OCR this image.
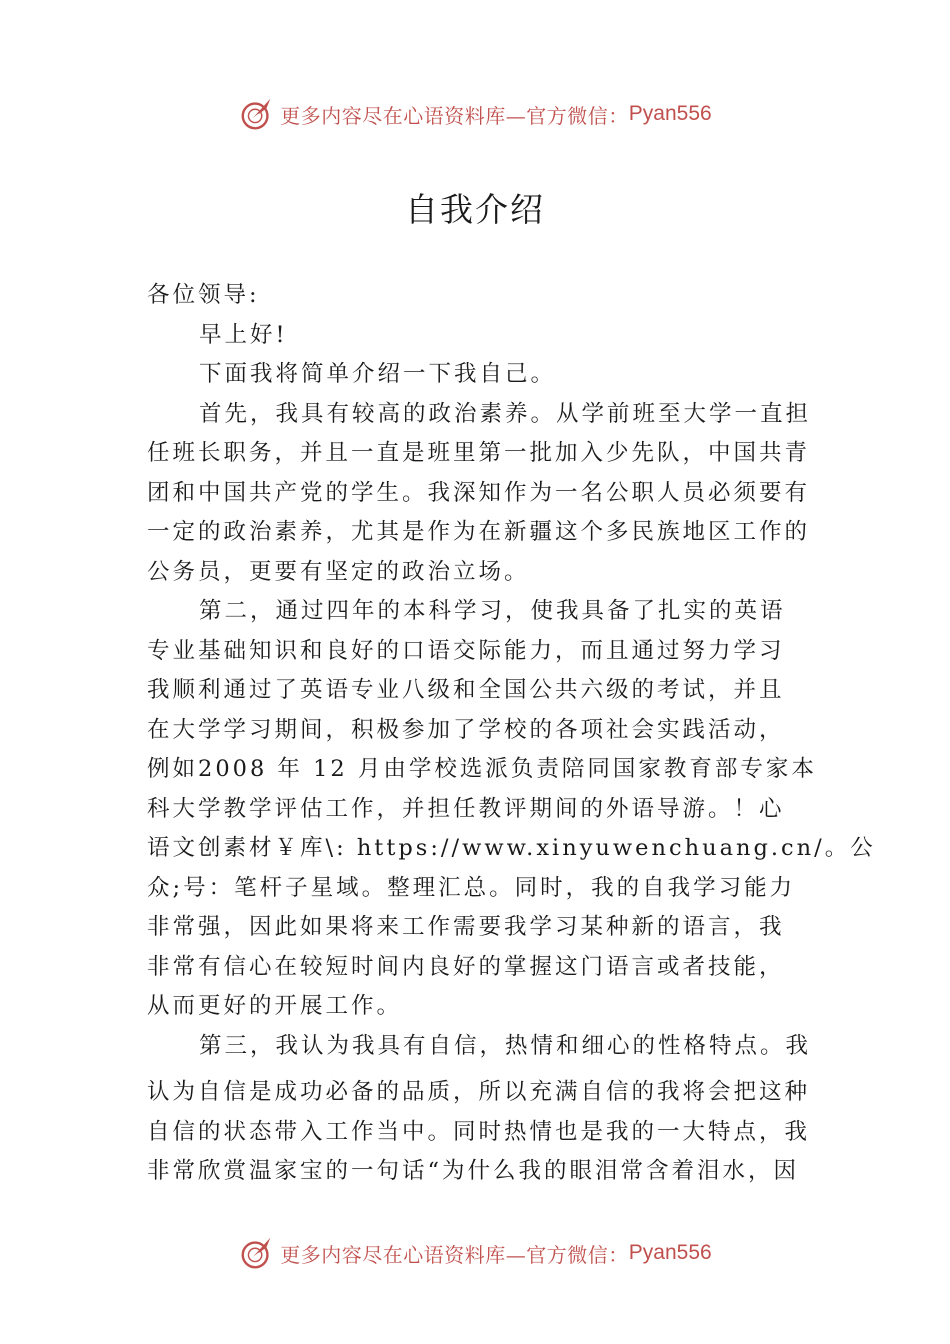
更多内容尽在心语资料库—官方微信： Pyan556
自我介绍
各位领导:
早上好!
下面我将简单介绍一下我自己。
首先，我具有较高的政治素养。从学前班至大学一直担
任班长职务，并且一直是班里第一批加入少先队，中国共青
团和中国共产党的学生。我深知作为一名公职人员必须要有
一定的政治素养，尤其是作为在新疆这个多民族地区工作的
公务员，更要有坚定的政治立场。
第二，通过四年的本科学习，使我具备了扎实的英语
专业基础知识和良好的口语交际能力，而且通过努力学习
我顺利通过了英语专业八级和全国公共六级的考试，并且
在大学学习期间，积极参加了学校的各项社会实践活动，
例如2008 年 12 月由学校选派负责陪同国家教育部专家本
科大学教学评估工作，并担任教评期间的外语导游。！心
语文创素材￥库\: https://www.xinyuwenchuang.cn/。公
众;号：笔杆子星域。整理汇总。同时，我的自我学习能力
非常强，因此如果将来工作需要我学习某种新的语言，我
非常有信心在较短时间内良好的掌握这门语言或者技能，
从而更好的开展工作。
第三，我认为我具有自信，热情和细心的性格特点。我
认为自信是成功必备的品质，所以充满自信的我将会把这种
自信的状态带入工作当中。同时热情也是我的一大特点，我
非常欣赏温家宝的一句话“为什么我的眼泪常含着泪水，因
更多内容尽在心语资料库—官方微信： Pyan556
